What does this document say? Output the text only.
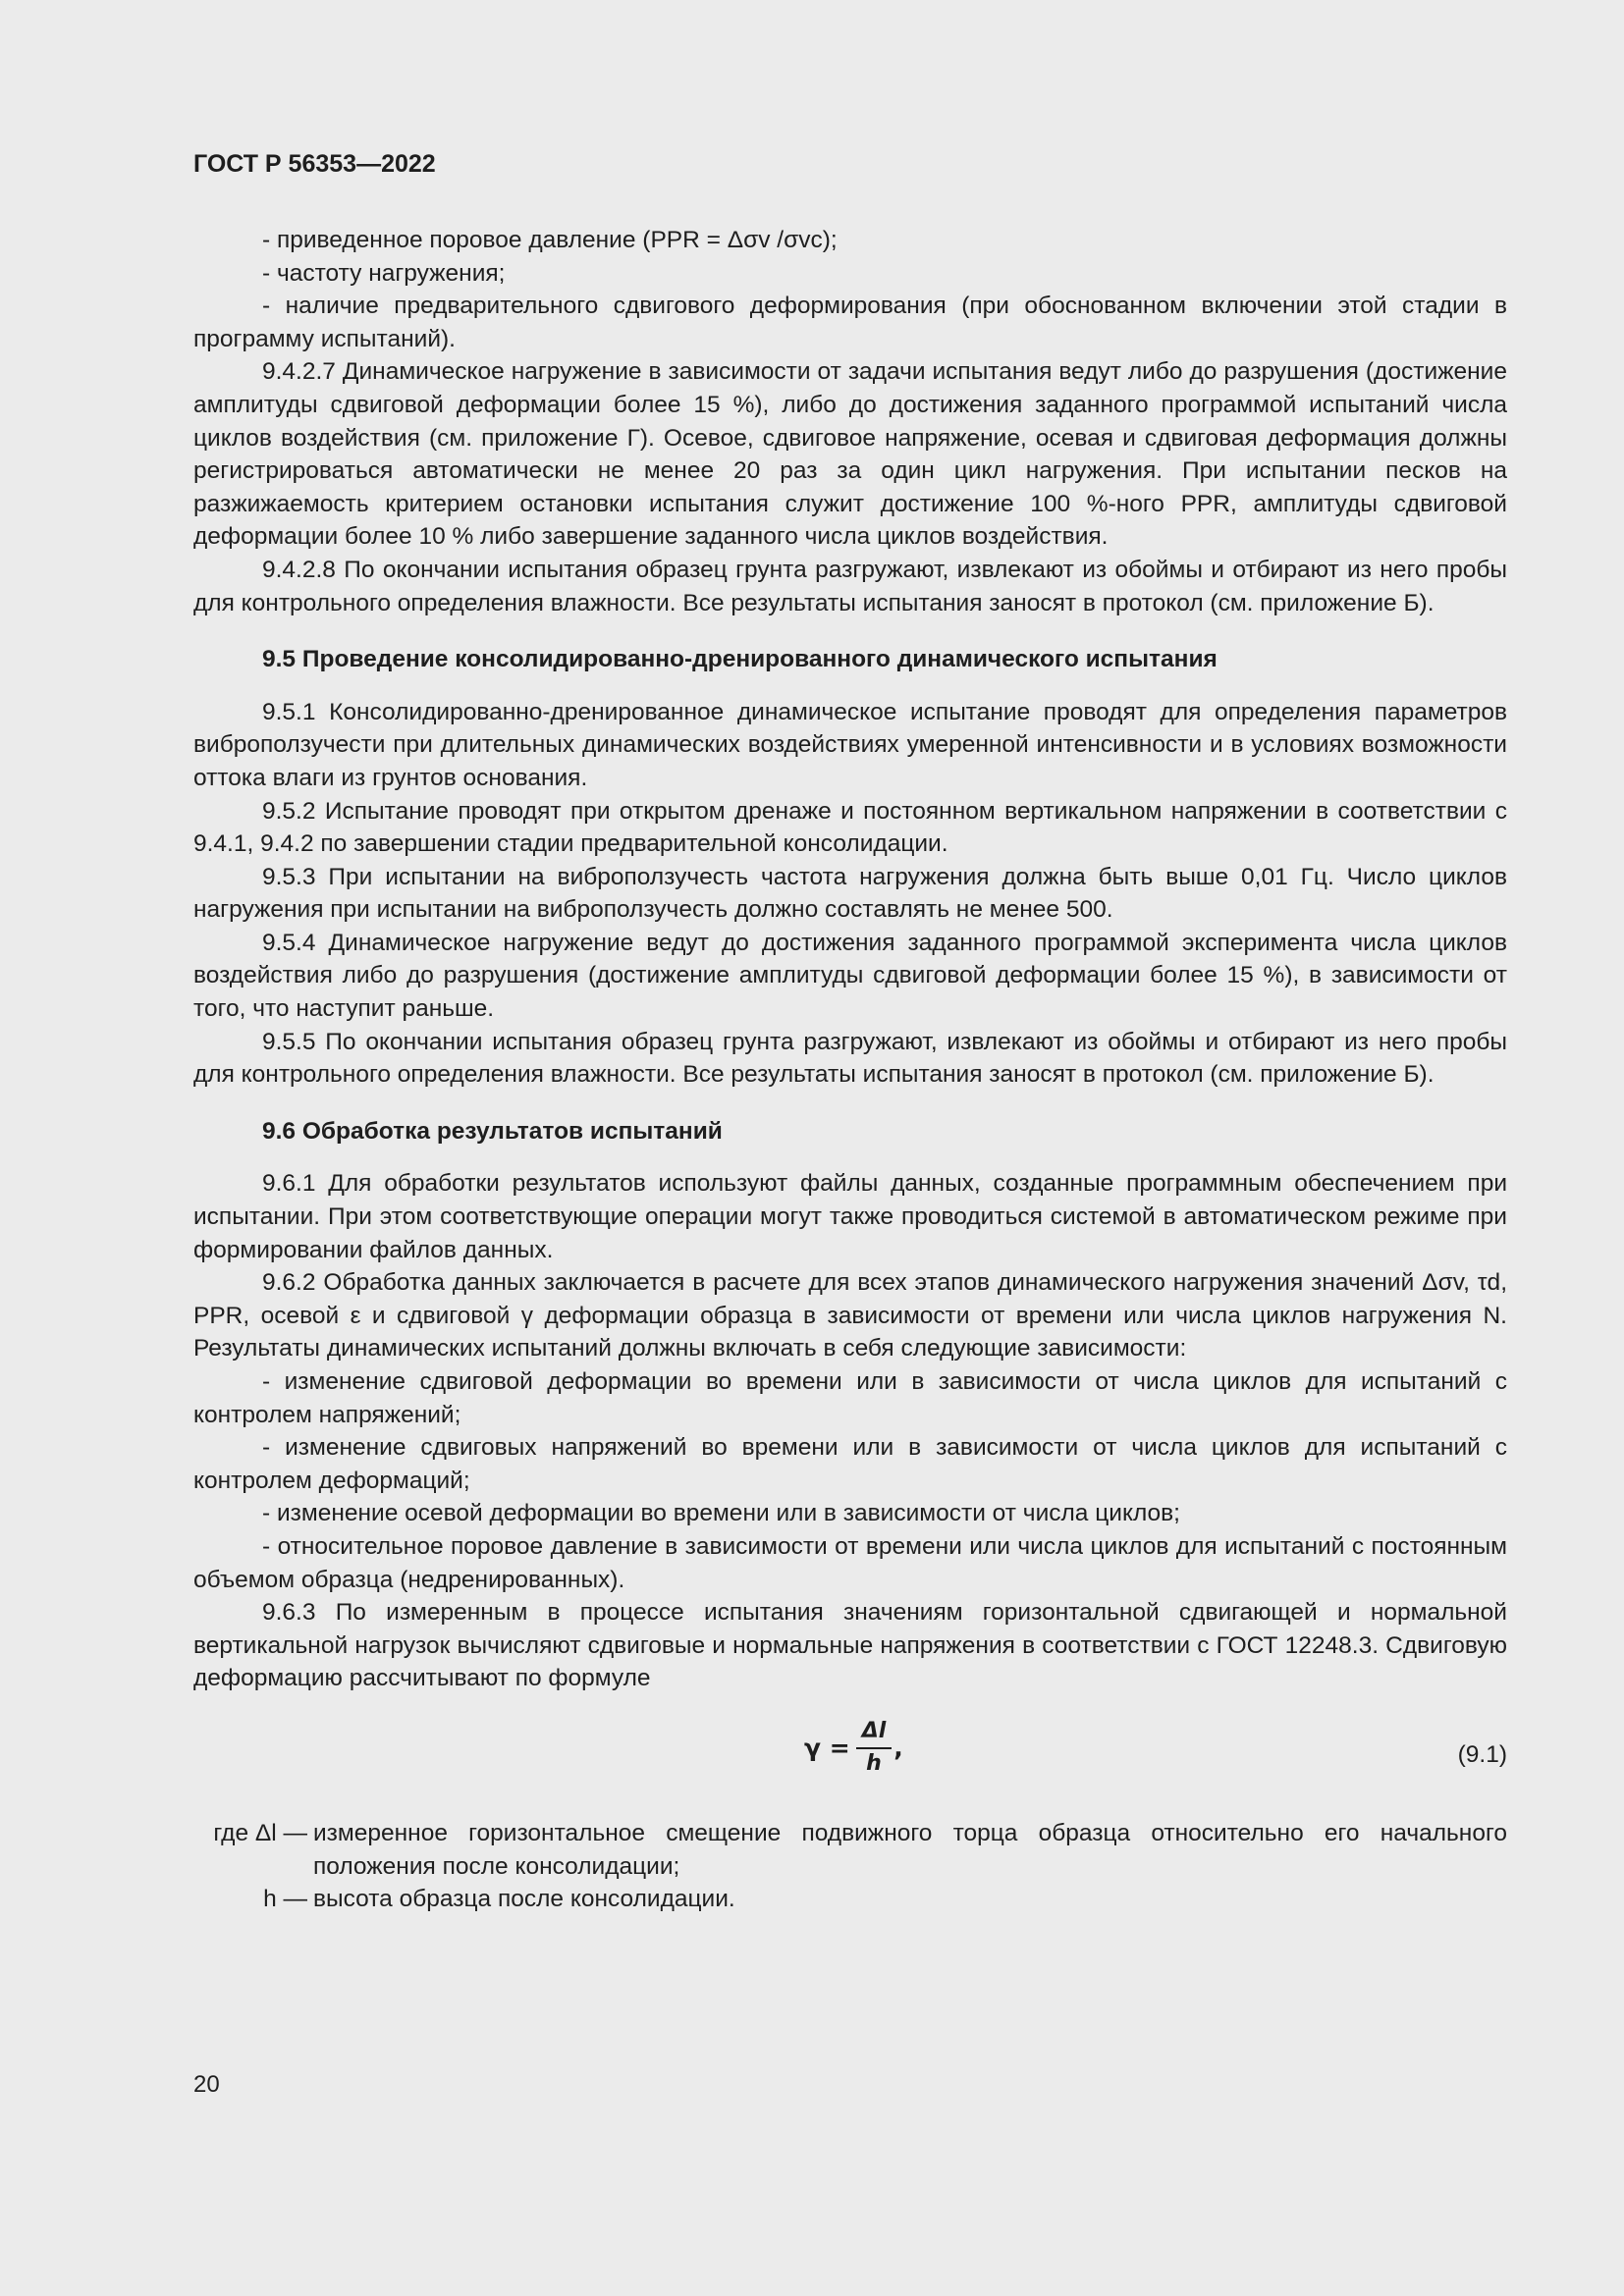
ГОСТ Р 56353—2022

- приведенное поровое давление (PPR = Δσv /σvc);

- частоту нагружения;

- наличие предварительного сдвигового деформирования (при обоснованном включении этой стадии в программу испытаний).

9.4.2.7 Динамическое нагружение в зависимости от задачи испытания ведут либо до разрушения (достижение амплитуды сдвиговой деформации более 15 %), либо до достижения заданного программой испытаний числа циклов воздействия (см. приложение Г). Осевое, сдвиговое напряжение, осевая и сдвиговая деформация должны регистрироваться автоматически не менее 20 раз за один цикл нагружения. При испытании песков на разжижаемость критерием остановки испытания служит достижение 100 %-ного PPR, амплитуды сдвиговой деформации более 10 % либо завершение заданного числа циклов воздействия.

9.4.2.8 По окончании испытания образец грунта разгружают, извлекают из обоймы и отбирают из него пробы для контрольного определения влажности. Все результаты испытания заносят в протокол (см. приложение Б).

9.5 Проведение консолидированно-дренированного динамического испытания

9.5.1 Консолидированно-дренированное динамическое испытание проводят для определения параметров виброползучести при длительных динамических воздействиях умеренной интенсивности и в условиях возможности оттока влаги из грунтов основания.

9.5.2 Испытание проводят при открытом дренаже и постоянном вертикальном напряжении в соответствии с 9.4.1, 9.4.2 по завершении стадии предварительной консолидации.

9.5.3 При испытании на виброползучесть частота нагружения должна быть выше 0,01 Гц. Число циклов нагружения при испытании на виброползучесть должно составлять не менее 500.

9.5.4 Динамическое нагружение ведут до достижения заданного программой эксперимента числа циклов воздействия либо до разрушения (достижение амплитуды сдвиговой деформации более 15 %), в зависимости от того, что наступит раньше.

9.5.5 По окончании испытания образец грунта разгружают, извлекают из обоймы и отбирают из него пробы для контрольного определения влажности. Все результаты испытания заносят в протокол (см. приложение Б).

9.6 Обработка результатов испытаний

9.6.1 Для обработки результатов используют файлы данных, созданные программным обеспечением при испытании. При этом соответствующие операции могут также проводиться системой в автоматическом режиме при формировании файлов данных.

9.6.2 Обработка данных заключается в расчете для всех этапов динамического нагружения значений Δσv, τd, PPR, осевой ε и сдвиговой γ деформации образца в зависимости от времени или числа циклов нагружения N. Результаты динамических испытаний должны включать в себя следующие зависимости:

- изменение сдвиговой деформации во времени или в зависимости от числа циклов для испытаний с контролем напряжений;

- изменение сдвиговых напряжений во времени или в зависимости от числа циклов для испытаний с контролем деформаций;

- изменение осевой деформации во времени или в зависимости от числа циклов;

- относительное поровое давление в зависимости от времени или числа циклов для испытаний с постоянным объемом образца (недренированных).

9.6.3 По измеренным в процессе испытания значениям горизонтальной сдвигающей и нормальной вертикальной нагрузок вычисляют сдвиговые и нормальные напряжения в соответствии с ГОСТ 12248.3. Сдвиговую деформацию рассчитывают по формуле

$\gamma = \frac{\Delta l}{h}$ ,	(9.1)
где Δl — измеренное горизонтальное смещение подвижного торца образца относительно его начального положения после консолидации;
h — высота образца после консолидации.
20
